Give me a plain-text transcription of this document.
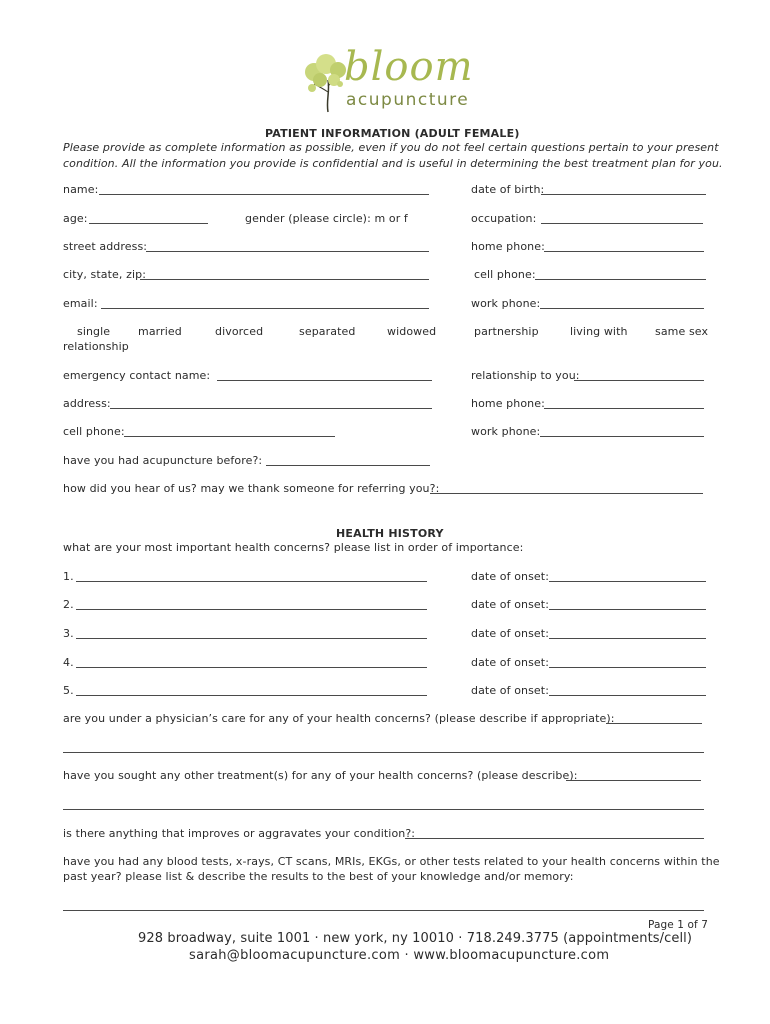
bloom
acupuncture
PATIENT INFORMATION (ADULT FEMALE)
Please provide as complete information as possible, even if you do not feel certain questions pertain to your present
condition. All the information you provide is confidential and is useful in determining the best treatment plan for you.
name:	date of birth:
age:	gender (please circle): m or f	occupation:
street address:	home phone:
city, state, zip:	cell phone:
email:	work phone:
single	married	divorced	separated	widowed	partnership	living with same sex
relationship
emergency contact name:	relationship to you:
address:	home phone:
cell phone:	work phone:
have you had acupuncture before?:
how did you hear of us? may we thank someone for referring you?:
HEALTH HISTORY
what are your most important health concerns? please list in order of importance:
1.	date of onset:
2.	date of onset:
3.	date of onset:
4.	date of onset:
5.	date of onset:
are you under a physician’s care for any of your health concerns? (please describe if appropriate):
have you sought any other treatment(s) for any of your health concerns? (please describe):
is there anything that improves or aggravates your condition?:
have you had any blood tests, x-rays, CT scans, MRIs, EKGs, or other tests related to your health concerns within the
past year? please list & describe the results to the best of your knowledge and/or memory:
Page 1 of 7
928 broadway, suite 1001 · new york, ny 10010 · 718.249.3775 (appointments/cell)
sarah@bloomacupuncture.com · www.bloomacupuncture.com
